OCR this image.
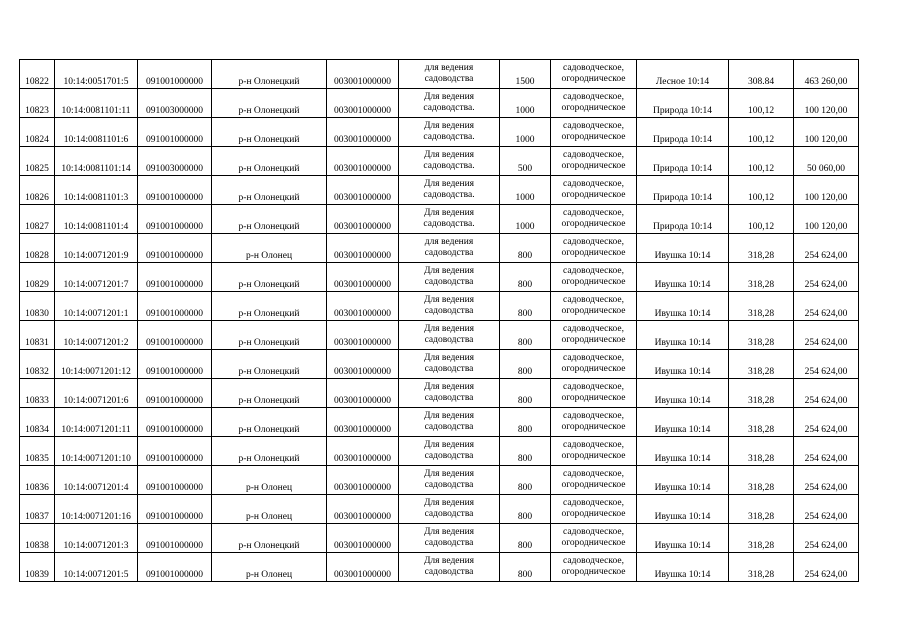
10822	10:14:0051701:5	091001000000	р-н Олонецкий	003001000000	для ведения
садоводства	1500	садоводческое,
огородническое	Лесное 10:14	308.84	463 260,00
10823	10:14:0081101:11	091003000000	р-н Олонецкий	003001000000	Для ведения
садоводства.	1000	садоводческое,
огородническое	Природа 10:14	100,12	100 120,00
10824	10:14:0081101:6	091001000000	р-н Олонецкий	003001000000	Для ведения
садоводства.	1000	садоводческое,
огородническое	Природа 10:14	100,12	100 120,00
10825	10:14:0081101:14	091003000000	р-н Олонецкий	003001000000	Для ведения
садоводства.	500	садоводческое,
огородническое	Природа 10:14	100,12	50 060,00
10826	10:14:0081101:3	091001000000	р-н Олонецкий	003001000000	Для ведения
садоводства.	1000	садоводческое,
огородническое	Природа 10:14	100,12	100 120,00
10827	10:14:0081101:4	091001000000	р-н Олонецкий	003001000000	Для ведения
садоводства.	1000	садоводческое,
огородническое	Природа 10:14	100,12	100 120,00
10828	10:14:0071201:9	091001000000	р-н Олонец	003001000000	для ведения
садоводства	800	садоводческое,
огородническое	Ивушка 10:14	318,28	254 624,00
10829	10:14:0071201:7	091001000000	р-н Олонецкий	003001000000	Для ведения
садоводства	800	садоводческое,
огородническое	Ивушка 10:14	318,28	254 624,00
10830	10:14:0071201:1	091001000000	р-н Олонецкий	003001000000	Для ведения
садоводства	800	садоводческое,
огородническое	Ивушка 10:14	318,28	254 624,00
10831	10:14:0071201:2	091001000000	р-н Олонецкий	003001000000	Для ведения
садоводства	800	садоводческое,
огородническое	Ивушка 10:14	318,28	254 624,00
10832	10:14:0071201:12	091001000000	р-н Олонецкий	003001000000	Для ведения
садоводства	800	садоводческое,
огородническое	Ивушка 10:14	318,28	254 624,00
10833	10:14:0071201:6	091001000000	р-н Олонецкий	003001000000	Для ведения
садоводства	800	садоводческое,
огородническое	Ивушка 10:14	318,28	254 624,00
10834	10:14:0071201:11	091001000000	р-н Олонецкий	003001000000	Для ведения
садоводства	800	садоводческое,
огородническое	Ивушка 10:14	318,28	254 624,00
10835	10:14:0071201:10	091001000000	р-н Олонецкий	003001000000	Для ведения
садоводства	800	садоводческое,
огородническое	Ивушка 10:14	318,28	254 624,00
10836	10:14:0071201:4	091001000000	р-н Олонец	003001000000	Для ведения
садоводства	800	садоводческое,
огородническое	Ивушка 10:14	318,28	254 624,00
10837	10:14:0071201:16	091001000000	р-н Олонец	003001000000	Для ведения
садоводства	800	садоводческое,
огородническое	Ивушка 10:14	318,28	254 624,00
10838	10:14:0071201:3	091001000000	р-н Олонецкий	003001000000	Для ведения
садоводства	800	садоводческое,
огородническое	Ивушка 10:14	318,28	254 624,00
10839	10:14:0071201:5	091001000000	р-н Олонец	003001000000	Для ведения
садоводства	800	садоводческое,
огородническое	Ивушка 10:14	318,28	254 624,00
